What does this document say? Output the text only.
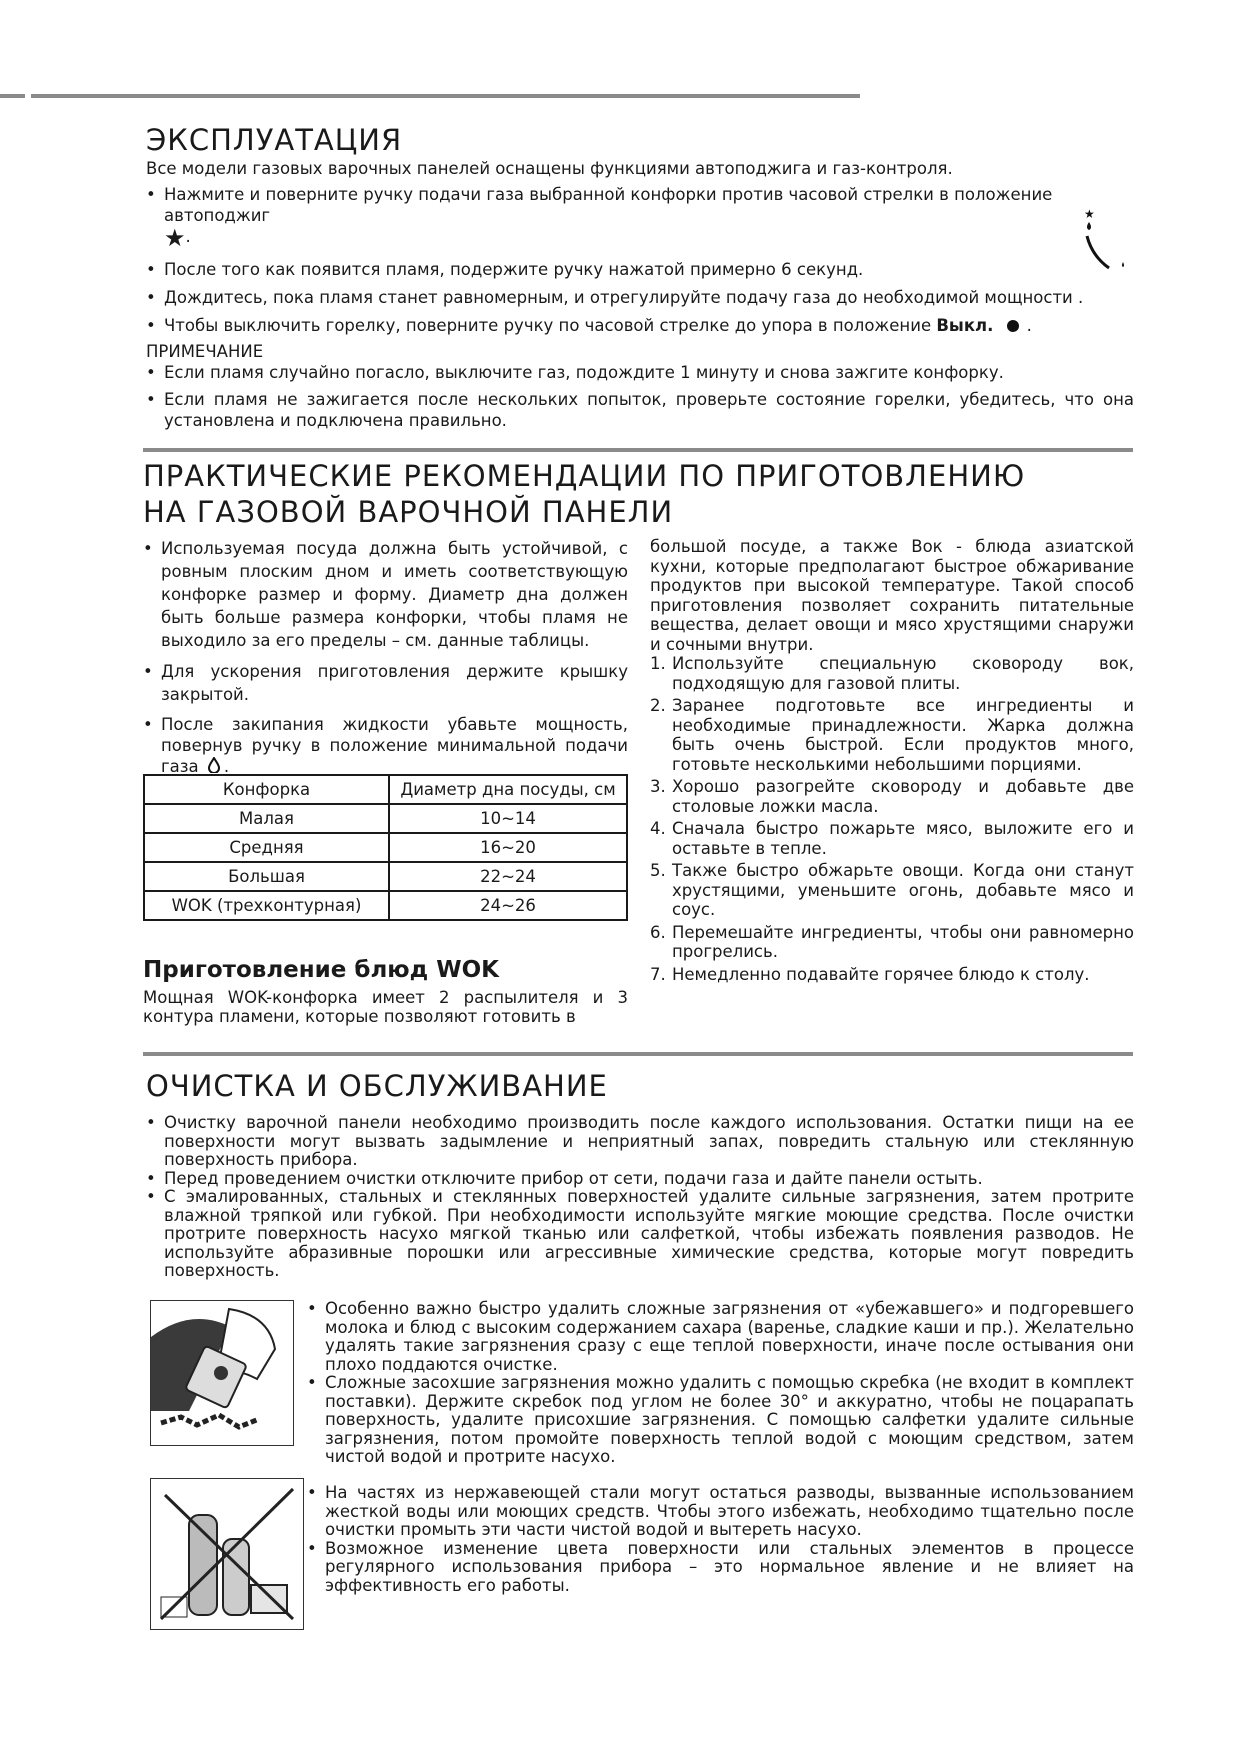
ЭКСПЛУАТАЦИЯ

Все модели газовых варочных панелей оснащены функциями автоподжига и газ-контроля.

• Нажмите и поверните ручку подачи газа выбранной конфорки против часовой стрелки в положение автоподжиг
★.
• После того как появится пламя, подержите ручку нажатой примерно 6 секунд.
• Дождитесь, пока пламя станет равномерным, и отрегулируйте подачу газа до необходимой мощности .
• Чтобы выключить горелку, поверните ручку по часовой стрелке до упора в положение Выкл. .
★

ПРИМЕЧАНИЕ

• Если пламя случайно погасло, выключите газ, подождите 1 минуту и снова зажгите конфорку.
• Если пламя не зажигается после нескольких попыток, проверьте состояние горелки, убедитесь, что она установлена и подключена правильно.
ПРАКТИЧЕСКИЕ РЕКОМЕНДАЦИИ ПО ПРИГОТОВЛЕНИЮ
НА ГАЗОВОЙ ВАРОЧНОЙ ПАНЕЛИ
• Используемая посуда должна быть устойчивой, с ровным плоским дном и иметь соответствующую конфорке размер и форму. Диаметр дна должен быть больше размера конфорки, чтобы пламя не выходило за его пределы – см. данные таблицы.
• Для ускорения приготовления держите крышку закрытой.
• После закипания жидкости убавьте мощность, повернув ручку в положение минимальной подачи газа .
Конфорка	Диаметр дна посуды, см
Малая	10~14
Средняя	16~20
Большая	22~24
WOK (трехконтурная)	24~26
Приготовление блюд WOK

Мощная WOK-конфорка имеет 2 распылителя и 3 контура пламени, которые позволяют готовить в

большой посуде, а также Вок - блюда азиатской кухни, которые предполагают быстрое обжаривание продуктов при высокой температуре. Такой способ приготовления позволяет сохранить питательные вещества, делает овощи и мясо хрустящими снаружи и сочными внутри.

1. Используйте специальную сковороду вок, подходящую для газовой плиты.
2. Заранее подготовьте все ингредиенты и необходимые принадлежности. Жарка должна быть очень быстрой. Если продуктов много, готовьте несколькими небольшими порциями.
3. Хорошо разогрейте сковороду и добавьте две столовые ложки масла.
4. Сначала быстро пожарьте мясо, выложите его и оставьте в тепле.
5. Также быстро обжарьте овощи. Когда они станут хрустящими, уменьшите огонь, добавьте мясо и соус.
6. Перемешайте ингредиенты, чтобы они равномерно прогрелись.
7. Немедленно подавайте горячее блюдо к столу.
ОЧИСТКА И ОБСЛУЖИВАНИЕ
• Очистку варочной панели необходимо производить после каждого использования. Остатки пищи на ее поверхности могут вызвать задымление и неприятный запах, повредить стальную или стеклянную поверхность прибора.
• Перед проведением очистки отключите прибор от сети, подачи газа и дайте панели остыть.
• С эмалированных, стальных и стеклянных поверхностей удалите сильные загрязнения, затем протрите влажной тряпкой или губкой. При необходимости используйте мягкие моющие средства. После очистки протрите поверхность насухо мягкой тканью или салфеткой, чтобы избежать появления разводов. Не используйте абразивные порошки или агрессивные химические средства, которые могут повредить поверхность.
• Особенно важно быстро удалить сложные загрязнения от «убежавшего» и подгоревшего молока и блюд с высоким содержанием сахара (варенье, сладкие каши и пр.). Желательно удалять такие загрязнения сразу с еще теплой поверхности, иначе после остывания они плохо поддаются очистке.
• Сложные засохшие загрязнения можно удалить с помощью скребка (не входит в комплект поставки). Держите скребок под углом не более 30° и аккуратно, чтобы не поцарапать поверхность, удалите присохшие загрязнения. С помощью салфетки удалите сильные загрязнения, потом промойте поверхность теплой водой с моющим средством, затем чистой водой и протрите насухо.
• На частях из нержавеющей стали могут остаться разводы, вызванные использованием жесткой воды или моющих средств. Чтобы этого избежать, необходимо тщательно после очистки промыть эти части чистой водой и вытереть насухо.
• Возможное изменение цвета поверхности или стальных элементов в процессе регулярного использования прибора – это нормальное явление и не влияет на эффективность его работы.
